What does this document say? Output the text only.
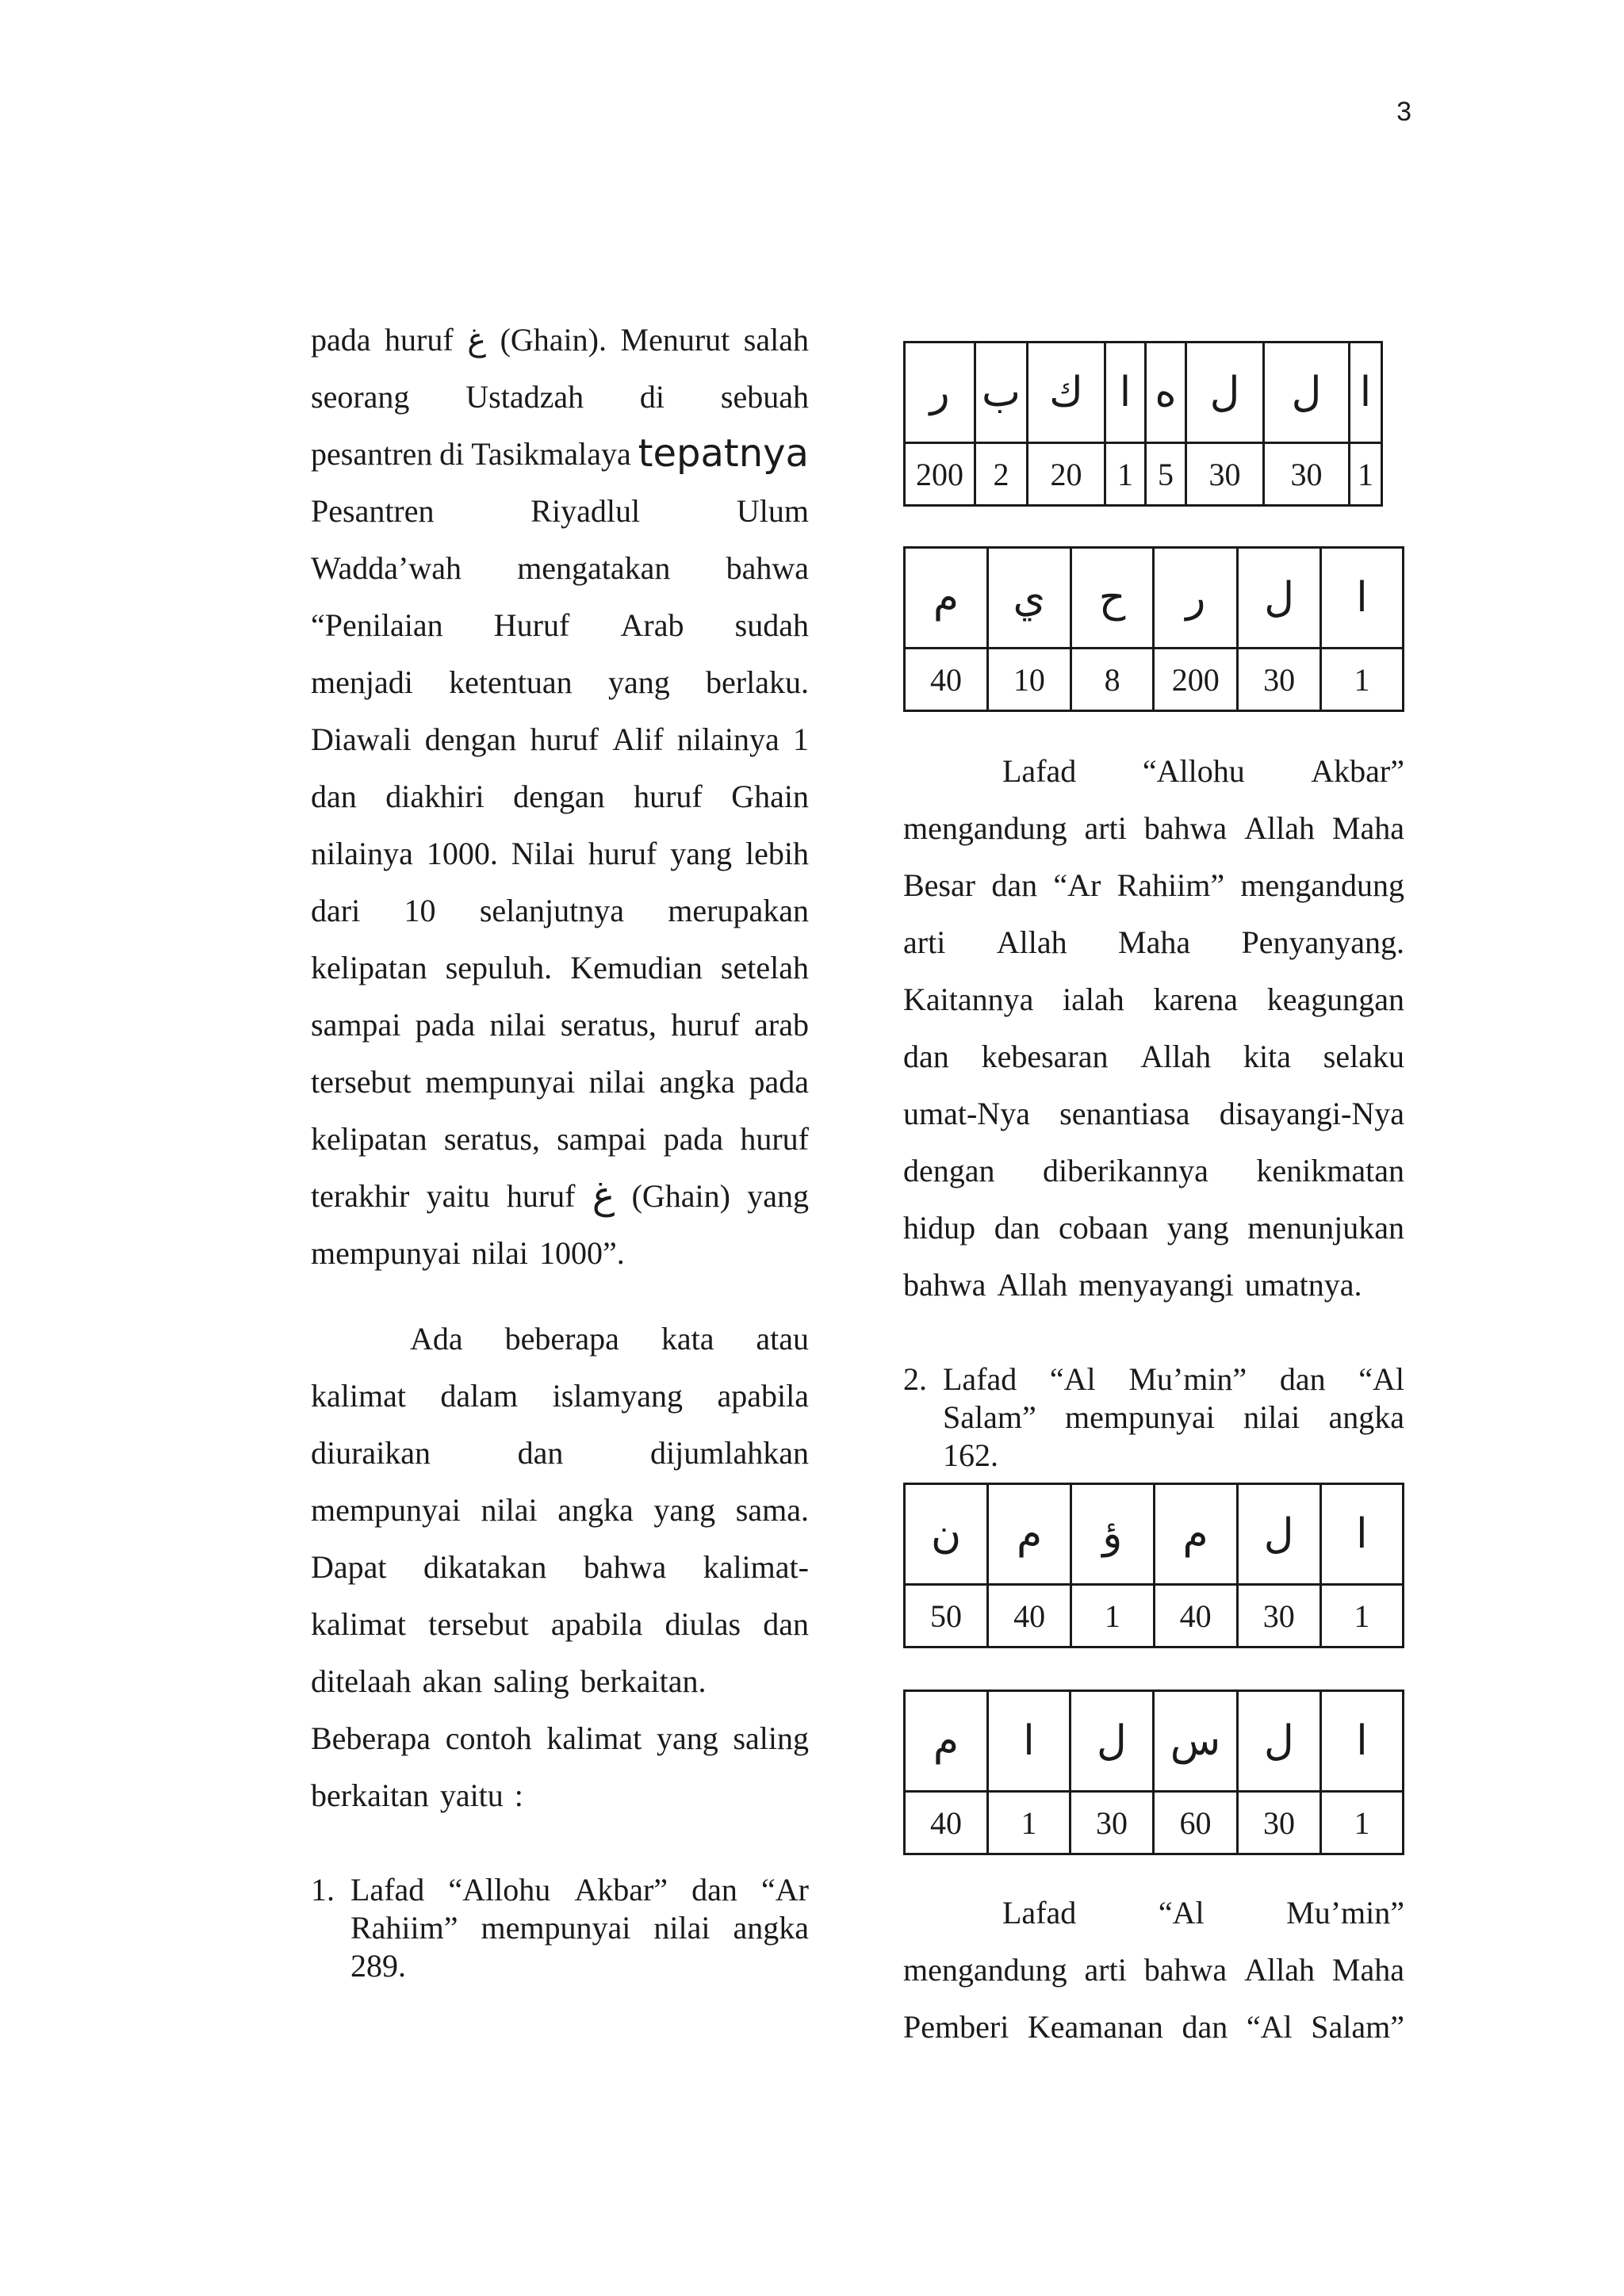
3
pada huruf غ (Ghain). Menurut salah
seorang Ustadzah di sebuah
pesantren di Tasikmalaya tepatnya
Pesantren	Riyadlul	Ulum
Wadda’wah mengatakan bahwa
“Penilaian Huruf Arab sudah
menjadi ketentuan yang berlaku.
Diawali dengan huruf Alif nilainya 1
dan diakhiri dengan huruf Ghain
nilainya 1000. Nilai huruf yang lebih
dari 10 selanjutnya merupakan
kelipatan sepuluh. Kemudian setelah
sampai pada nilai seratus, huruf arab
tersebut mempunyai nilai angka pada
kelipatan seratus, sampai pada huruf
terakhir yaitu huruf غ (Ghain) yang
mempunyai nilai 1000”.
Ada beberapa kata atau
kalimat dalam islamyang apabila
diuraikan	dan	dijumlahkan
mempunyai nilai angka yang sama.
Dapat dikatakan bahwa kalimat-
kalimat tersebut apabila diulas dan
ditelaah akan saling berkaitan.
Beberapa contoh kalimat yang saling
berkaitan yaitu :
1. Lafad “Allohu Akbar” dan “Ar
Rahiim” mempunyai nilai angka
289.
ر	ب	ك	ا	ه	ل	ل	ا
200	2	20	1	5	30	30	1
م	ي	ح	ر	ل	ا
40	10	8	200	30	1
Lafad “Allohu Akbar”
mengandung arti bahwa Allah Maha
Besar dan “Ar Rahiim” mengandung
arti Allah Maha Penyanyang.
Kaitannya ialah karena keagungan
dan kebesaran Allah kita selaku
umat-Nya senantiasa disayangi-Nya
dengan diberikannya kenikmatan
hidup dan cobaan yang menunjukan
bahwa Allah menyayangi umatnya.
2. Lafad “Al Mu’min” dan “Al
Salam” mempunyai nilai angka
162.
ن	م	ؤ	م	ل	ا
50	40	1	40	30	1
م	ا	ل	س	ل	ا
40	1	30	60	30	1
Lafad	“Al	Mu’min”
mengandung arti bahwa Allah Maha
Pemberi Keamanan dan “Al Salam”
